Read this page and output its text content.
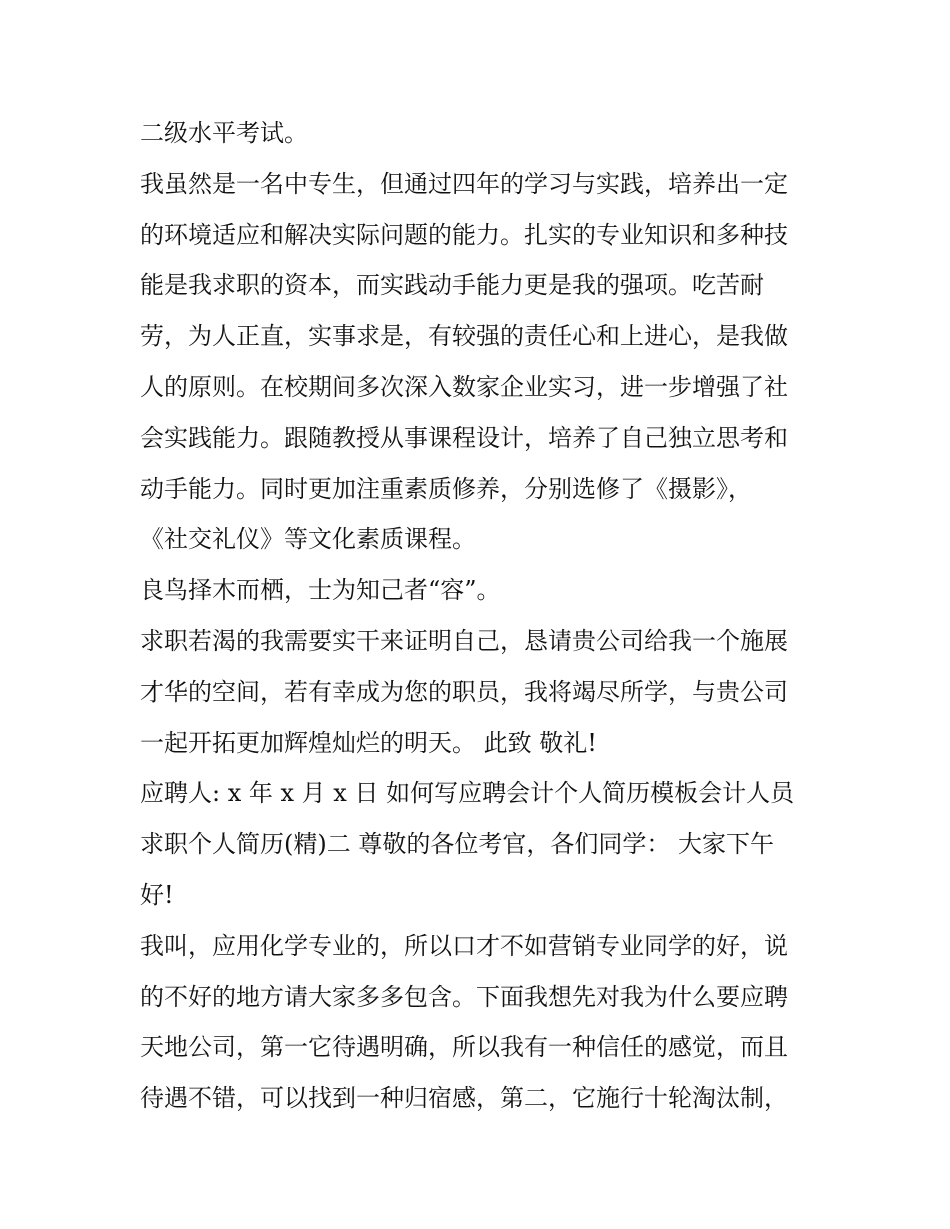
二级水平考试。
我虽然是一名中专生，但通过四年的学习与实践，培养出一定
的环境适应和解决实际问题的能力。扎实的专业知识和多种技
能是我求职的资本，而实践动手能力更是我的强项。吃苦耐
劳，为人正直，实事求是，有较强的责任心和上进心，是我做
人的原则。在校期间多次深入数家企业实习，进一步增强了社
会实践能力。跟随教授从事课程设计，培养了自己独立思考和
动手能力。同时更加注重素质修养，分别选修了《摄影》，
《社交礼仪》等文化素质课程。
良鸟择木而栖，士为知己者“容”。
求职若渴的我需要实干来证明自己，恳请贵公司给我一个施展
才华的空间，若有幸成为您的职员，我将竭尽所学，与贵公司
一起开拓更加辉煌灿烂的明天。 此致 敬礼!
应聘人: x 年 x 月 x 日 如何写应聘会计个人简历模板会计人员
求职个人简历(精)二 尊敬的各位考官，各们同学： 大家下午
好!
我叫，应用化学专业的，所以口才不如营销专业同学的好，说
的不好的地方请大家多多包含。下面我想先对我为什么要应聘
天地公司，第一它待遇明确，所以我有一种信任的感觉，而且
待遇不错，可以找到一种归宿感，第二，它施行十轮淘汰制，
